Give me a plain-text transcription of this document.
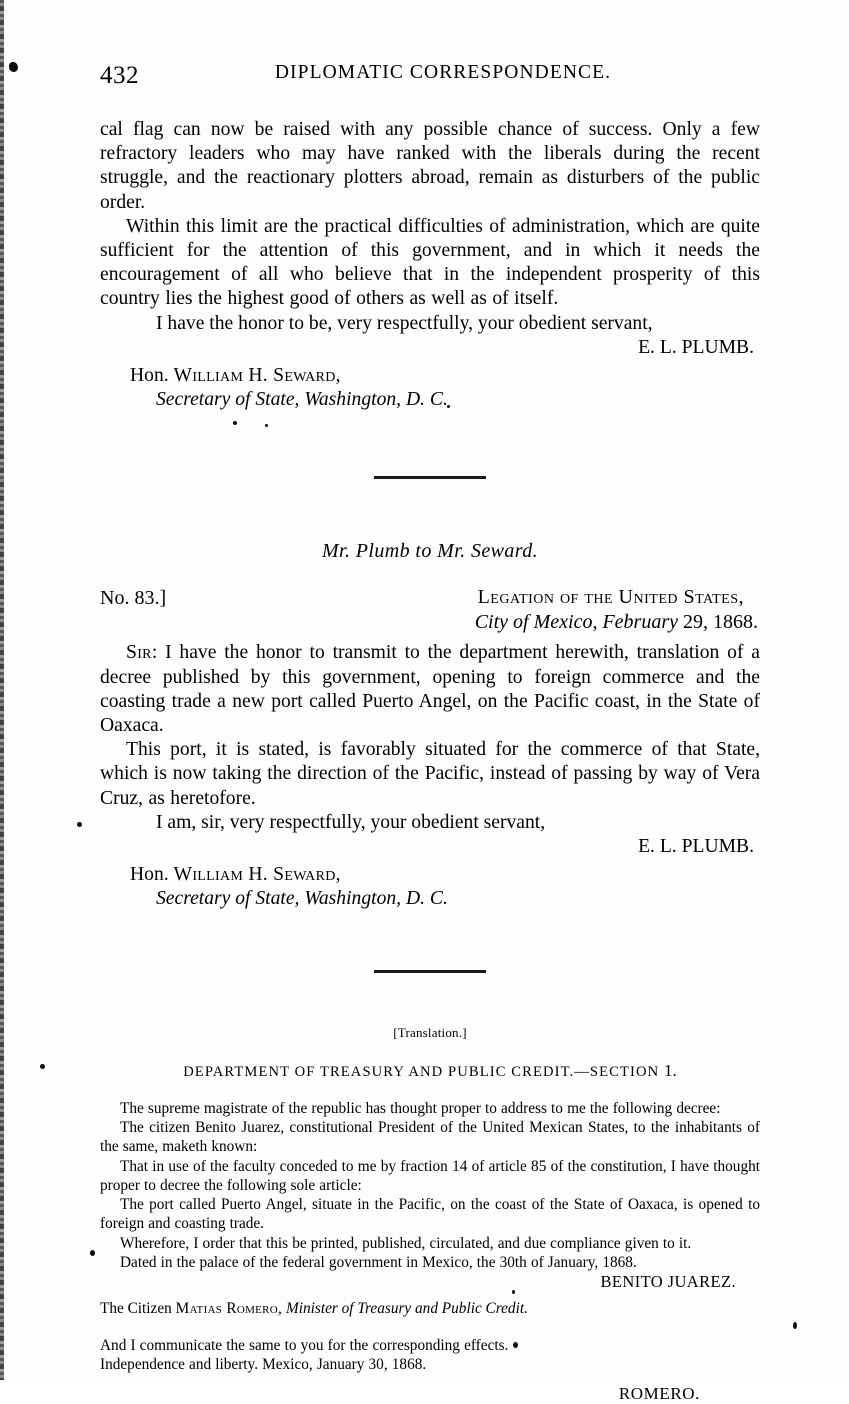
432	DIPLOMATIC CORRESPONDENCE.

cal flag can now be raised with any possible chance of success. Only a few refractory leaders who may have ranked with the liberals during the recent struggle, and the reactionary plotters abroad, remain as disturbers of the public order.

Within this limit are the practical difficulties of administration, which are quite sufficient for the attention of this government, and in which it needs the encouragement of all who believe that in the independent prosperity of this country lies the highest good of others as well as of itself.

I have the honor to be, very respectfully, your obedient servant,
E. L. PLUMB.
Hon. William H. Seward,
Secretary of State, Washington, D. C.
Mr. Plumb to Mr. Seward.
No. 83.]	Legation of the United States,
City of Mexico, February 29, 1868.

Sir: I have the honor to transmit to the department herewith, translation of a decree published by this government, opening to foreign commerce and the coasting trade a new port called Puerto Angel, on the Pacific coast, in the State of Oaxaca.

This port, it is stated, is favorably situated for the commerce of that State, which is now taking the direction of the Pacific, instead of passing by way of Vera Cruz, as heretofore.

I am, sir, very respectfully, your obedient servant,
E. L. PLUMB.
Hon. William H. Seward,
Secretary of State, Washington, D. C.
[Translation.]
DEPARTMENT OF TREASURY AND PUBLIC CREDIT.—SECTION 1.

The supreme magistrate of the republic has thought proper to address to me the following decree:

The citizen Benito Juarez, constitutional President of the United Mexican States, to the inhabitants of the same, maketh known:

That in use of the faculty conceded to me by fraction 14 of article 85 of the constitution, I have thought proper to decree the following sole article:

The port called Puerto Angel, situate in the Pacific, on the coast of the State of Oaxaca, is opened to foreign and coasting trade.

Wherefore, I order that this be printed, published, circulated, and due compliance given to it.

Dated in the palace of the federal government in Mexico, the 30th of January, 1868.

BENITO JUAREZ.
The Citizen Matias Romero, Minister of Treasury and Public Credit.

And I communicate the same to you for the corresponding effects.

Independence and liberty. Mexico, January 30, 1868.

ROMERO.
